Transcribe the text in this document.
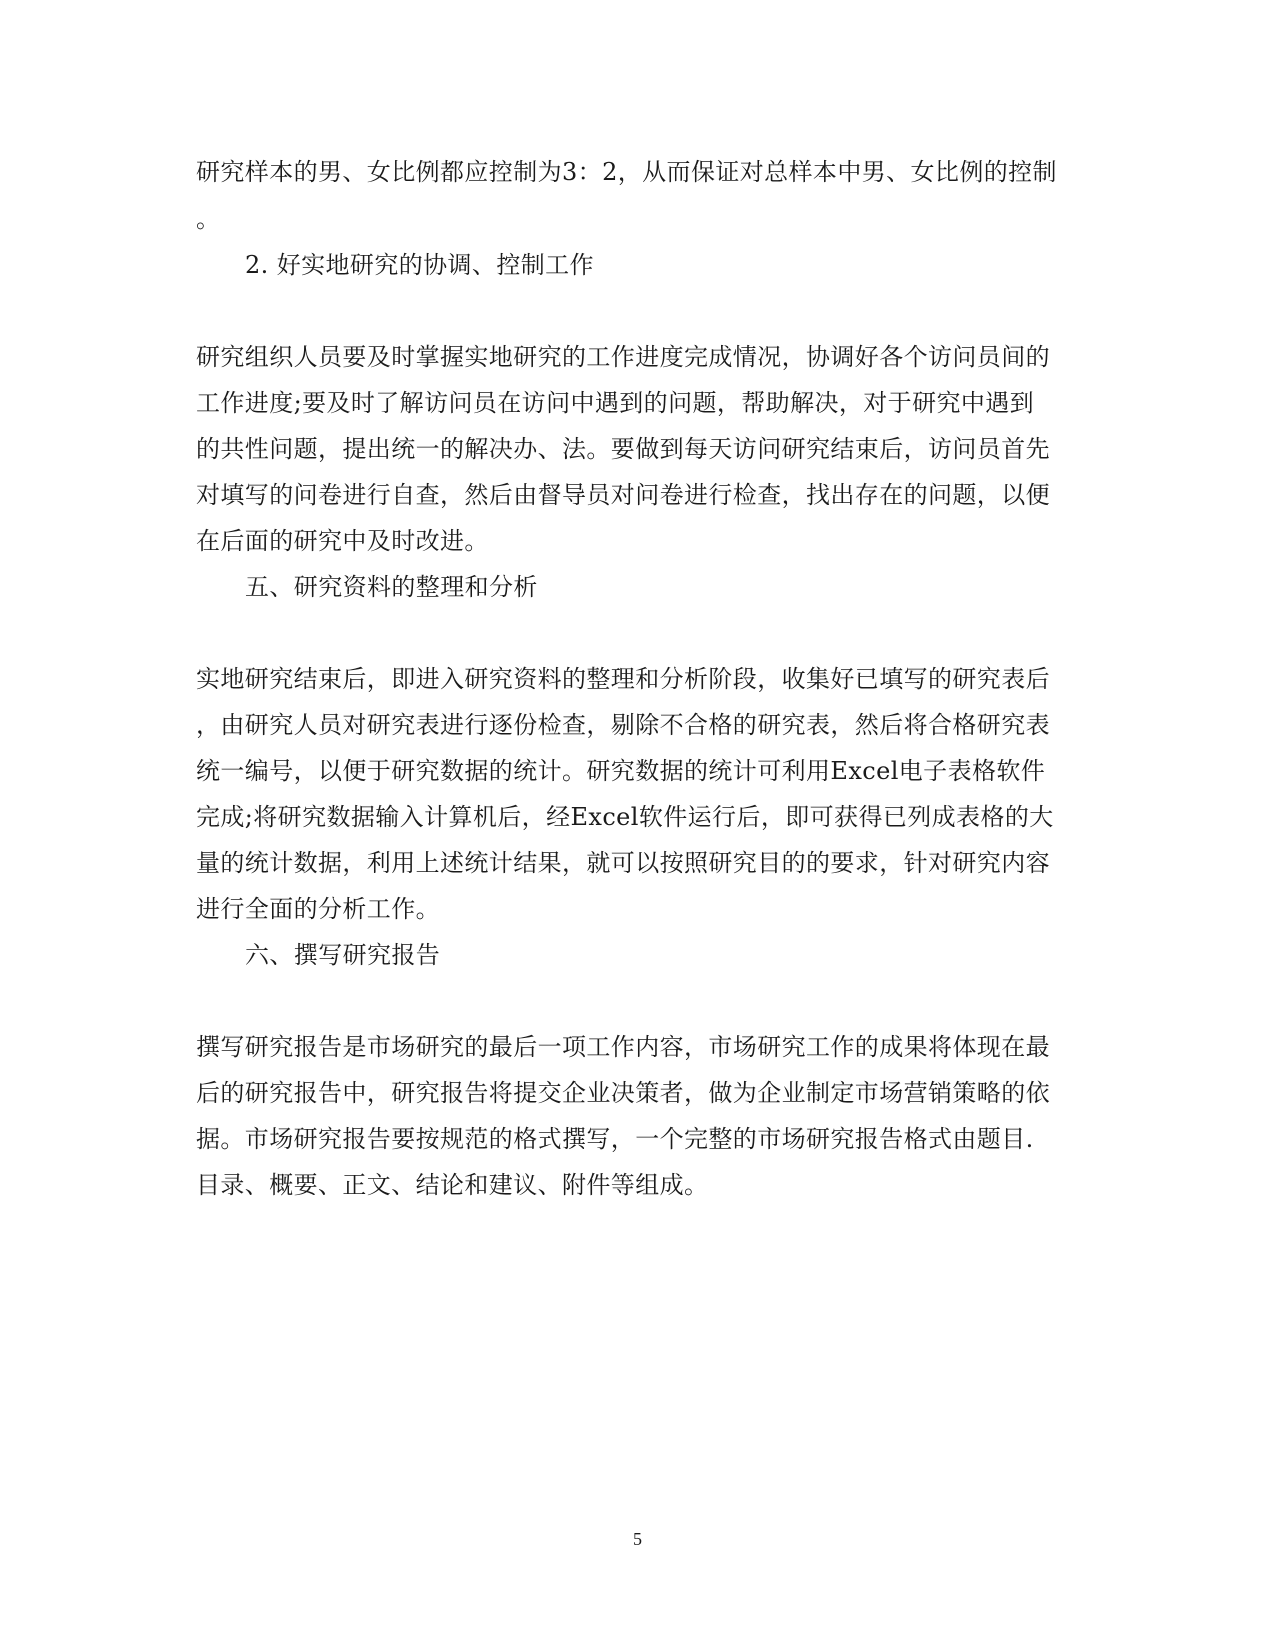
研究样本的男、女比例都应控制为3：2，从而保证对总样本中男、女比例的控制
。
2. 好实地研究的协调、控制工作
研究组织人员要及时掌握实地研究的工作进度完成情况，协调好各个访问员间的
工作进度;要及时了解访问员在访问中遇到的问题，帮助解决，对于研究中遇到
的共性问题，提出统一的解决办、法。要做到每天访问研究结束后，访问员首先
对填写的问卷进行自查，然后由督导员对问卷进行检查，找出存在的问题，以便
在后面的研究中及时改进。
五、研究资料的整理和分析
实地研究结束后，即进入研究资料的整理和分析阶段，收集好已填写的研究表后
，由研究人员对研究表进行逐份检查，剔除不合格的研究表，然后将合格研究表
统一编号，以便于研究数据的统计。研究数据的统计可利用Excel电子表格软件
完成;将研究数据输入计算机后，经Excel软件运行后，即可获得已列成表格的大
量的统计数据，利用上述统计结果，就可以按照研究目的的要求，针对研究内容
进行全面的分析工作。
六、撰写研究报告
撰写研究报告是市场研究的最后一项工作内容，市场研究工作的成果将体现在最
后的研究报告中，研究报告将提交企业决策者，做为企业制定市场营销策略的依
据。市场研究报告要按规范的格式撰写，一个完整的市场研究报告格式由题目.
目录、概要、正文、结论和建议、附件等组成。
5
